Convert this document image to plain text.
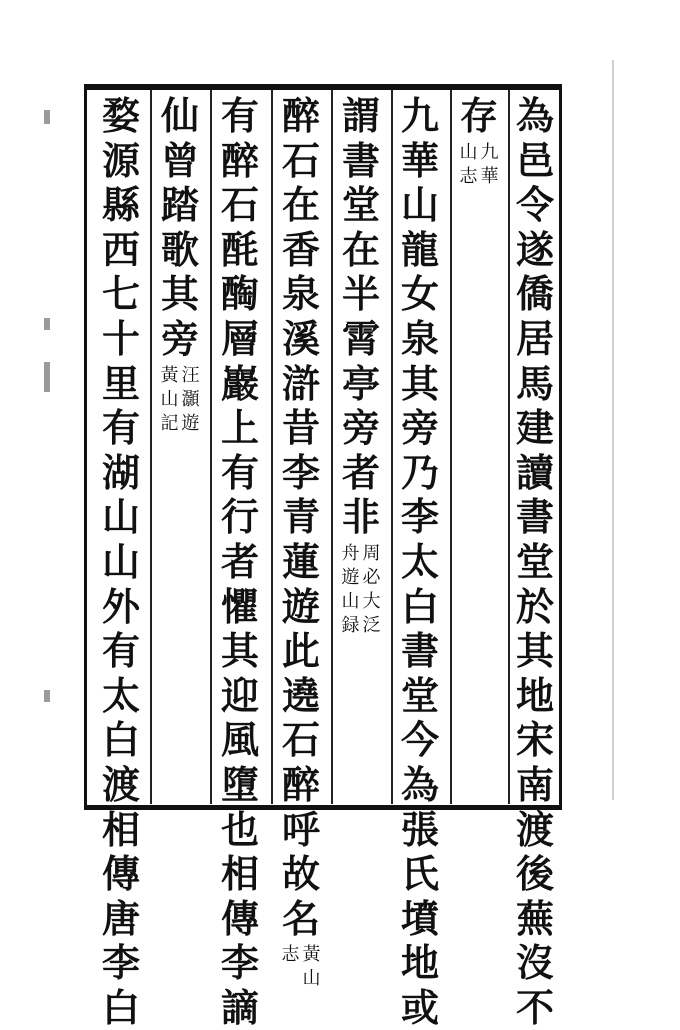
為
邑
令
遂
僑
居
馬
建
讀
書
堂
於
其
地
宋
南
渡
後
蕪
沒
不
存
九
華
山
志
九
華
山
龍
女
泉
其
旁
乃
李
太
白
書
堂
今
為
張
氏
墳
地
或
謂
書
堂
在
半
霄
亭
旁
者
非
周
必
大
泛
舟
遊
山
録
醉
石
在
香
泉
溪
滸
昔
李
青
蓮
遊
此
遶
石
醉
呼
故
名
黃
山
志
有
醉
石
酕
醄
層
巖
上
有
行
者
懼
其
迎
風
墮
也
相
傳
李
謫
仙
曾
踏
歌
其
旁
汪
灝
遊
黃
山
記
婺
源
縣
西
七
十
里
有
湖
山
山
外
有
太
白
渡
相
傳
唐
李
白
